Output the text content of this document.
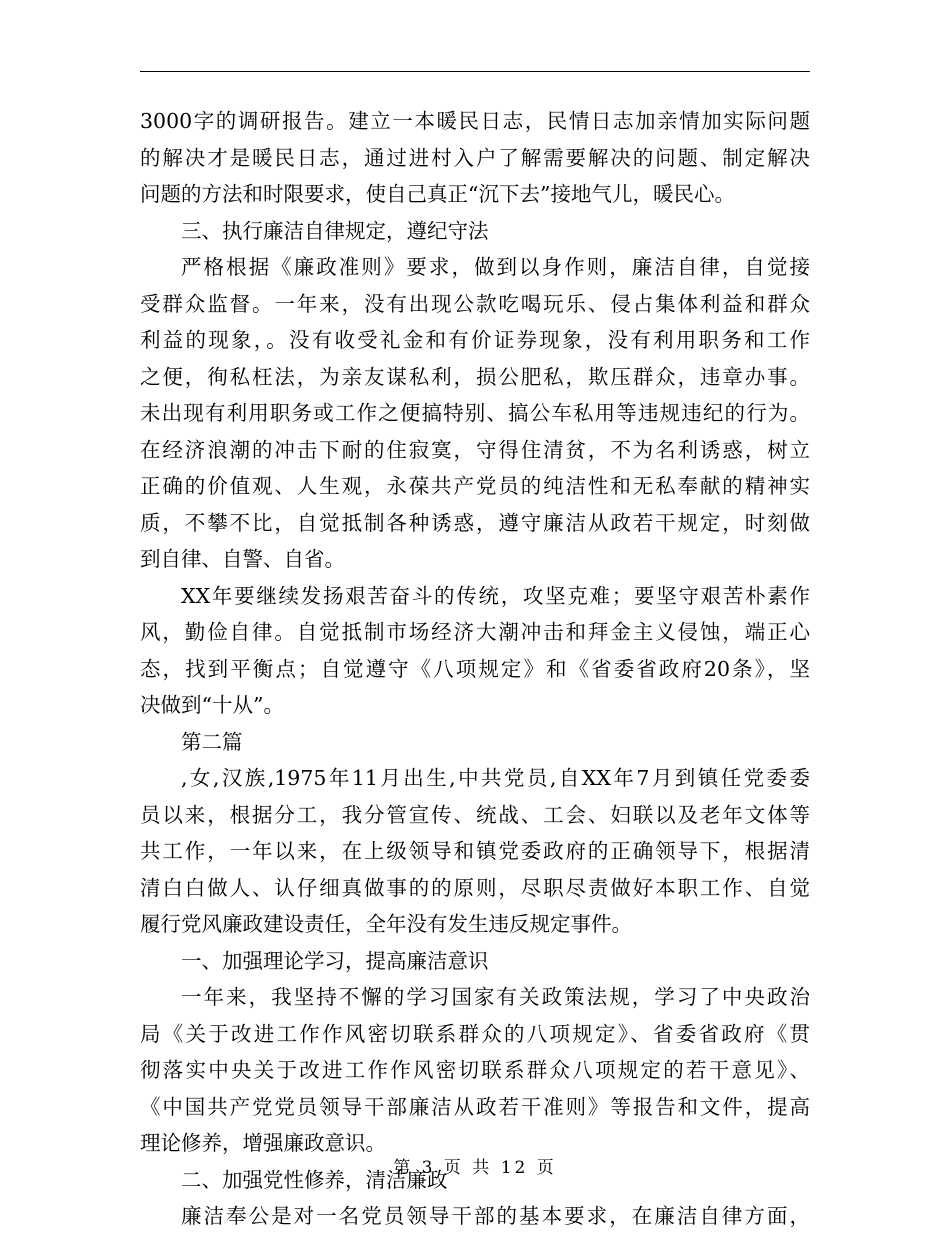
3000字的调研报告。建立一本暖民日志，民情日志加亲情加实际问题
的解决才是暖民日志，通过进村入户了解需要解决的问题、制定解决
问题的方法和时限要求，使自己真正“沉下去”接地气儿，暖民心。
三、执行廉洁自律规定，遵纪守法
严格根据《廉政准则》要求，做到以身作则，廉洁自律，自觉接
受群众监督。一年来，没有出现公款吃喝玩乐、侵占集体利益和群众
利益的现象，。没有收受礼金和有价证券现象，没有利用职务和工作
之便，徇私枉法，为亲友谋私利，损公肥私，欺压群众，违章办事。
未出现有利用职务或工作之便搞特别、搞公车私用等违规违纪的行为。
在经济浪潮的冲击下耐的住寂寞，守得住清贫，不为名利诱惑，树立
正确的价值观、人生观，永葆共产党员的纯洁性和无私奉献的精神实
质，不攀不比，自觉抵制各种诱惑，遵守廉洁从政若干规定，时刻做
到自律、自警、自省。
XX年要继续发扬艰苦奋斗的传统，攻坚克难；要坚守艰苦朴素作
风，勤俭自律。自觉抵制市场经济大潮冲击和拜金主义侵蚀，端正心
态，找到平衡点；自觉遵守《八项规定》和《省委省政府20条》，坚
决做到“十从”。
第二篇
,女,汉族,1975年11月出生,中共党员,自XX年7月到镇任党委委
员以来，根据分工，我分管宣传、统战、工会、妇联以及老年文体等
共工作，一年以来，在上级领导和镇党委政府的正确领导下，根据清
清白白做人、认仔细真做事的的原则，尽职尽责做好本职工作、自觉
履行党风廉政建设责任，全年没有发生违反规定事件。
一、加强理论学习，提高廉洁意识
一年来，我坚持不懈的学习国家有关政策法规，学习了中央政治
局《关于改进工作作风密切联系群众的八项规定》、省委省政府《贯
彻落实中央关于改进工作作风密切联系群众八项规定的若干意见》、
《中国共产党党员领导干部廉洁从政若干准则》等报告和文件，提高
理论修养，增强廉政意识。
二、加强党性修养，清洁廉政
廉洁奉公是对一名党员领导干部的基本要求，在廉洁自律方面，
第 3 页 共 12 页
